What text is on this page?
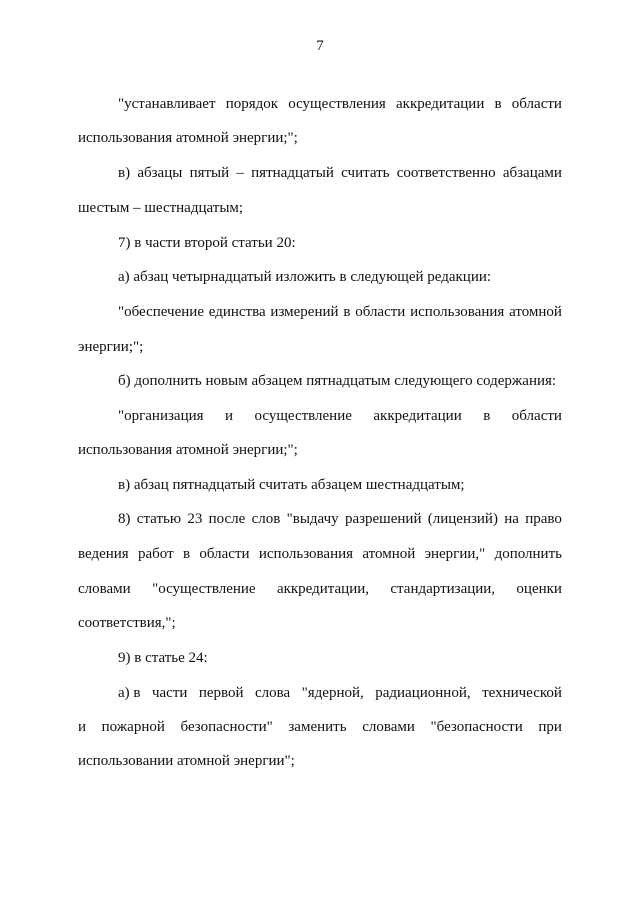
7
"устанавливает порядок осуществления аккредитации в области
использования атомной энергии;";
в) абзацы пятый – пятнадцатый считать соответственно абзацами
шестым – шестнадцатым;
7) в части второй статьи 20:
а) абзац четырнадцатый изложить в следующей редакции:
"обеспечение единства измерений в области использования атомной
энергии;";
б) дополнить новым абзацем пятнадцатым следующего содержания:
"организация и осуществление аккредитации в области
использования атомной энергии;";
в) абзац пятнадцатый считать абзацем шестнадцатым;
8) статью 23 после слов "выдачу разрешений (лицензий) на право
ведения работ в области использования атомной энергии," дополнить
словами "осуществление аккредитации, стандартизации, оценки
соответствия,";
9) в статье 24:
а) в части первой слова "ядерной, радиационной, технической
и пожарной безопасности" заменить словами "безопасности при
использовании атомной энергии";
